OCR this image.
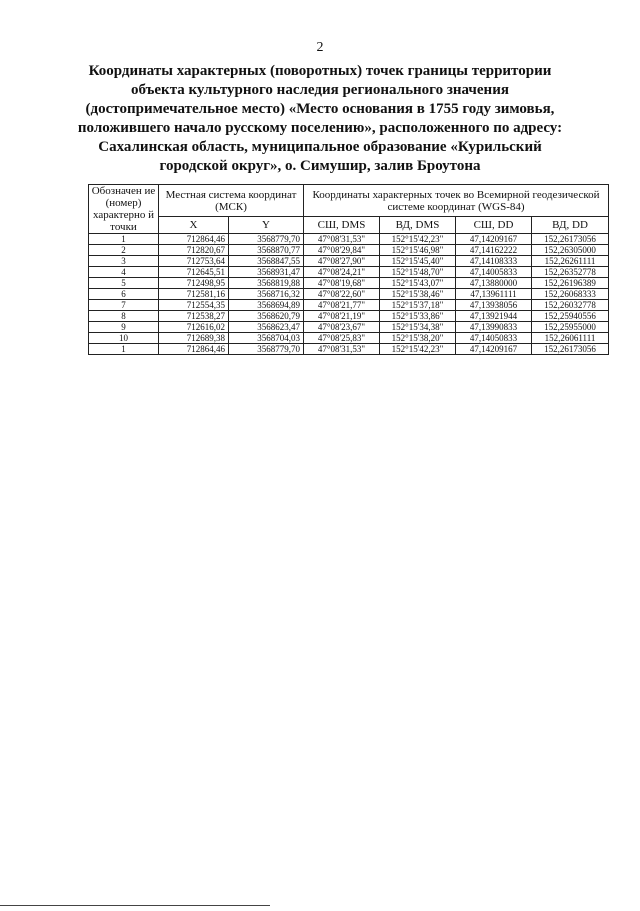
2
Координаты характерных (поворотных) точек границы территории
объекта культурного наследия регионального значения
(достопримечательное место) «Место основания в 1755 году зимовья,
положившего начало русскому поселению», расположенного по адресу:
Сахалинская область, муниципальное образование «Курильский
городской округ», о. Симушир, залив Броутона
Обозначен ие (номер) характерно й точки	Местная система координат (МСК)		Координаты характерных точек во Всемирной геодезической системе координат (WGS-84)			
	X	Y	СШ, DMS	ВД, DMS	СШ, DD	ВД, DD
1	712864,46	3568779,70	47°08'31,53"	152°15'42,23"	47,14209167	152,26173056
2	712820,67	3568870,77	47°08'29,84"	152°15'46,98"	47,14162222	152,26305000
3	712753,64	3568847,55	47°08'27,90"	152°15'45,40"	47,14108333	152,26261111
4	712645,51	3568931,47	47°08'24,21"	152°15'48,70"	47,14005833	152,26352778
5	712498,95	3568819,88	47°08'19,68"	152°15'43,07"	47,13880000	152,26196389
6	712581,16	3568716,32	47°08'22,60"	152°15'38,46"	47,13961111	152,26068333
7	712554,35	3568694,89	47°08'21,77"	152°15'37,18"	47,13938056	152,26032778
8	712538,27	3568620,79	47°08'21,19"	152°15'33,86"	47,13921944	152,25940556
9	712616,02	3568623,47	47°08'23,67"	152°15'34,38"	47,13990833	152,25955000
10	712689,38	3568704,03	47°08'25,83"	152°15'38,20"	47,14050833	152,26061111
1	712864,46	3568779,70	47°08'31,53"	152°15'42,23"	47,14209167	152,26173056
